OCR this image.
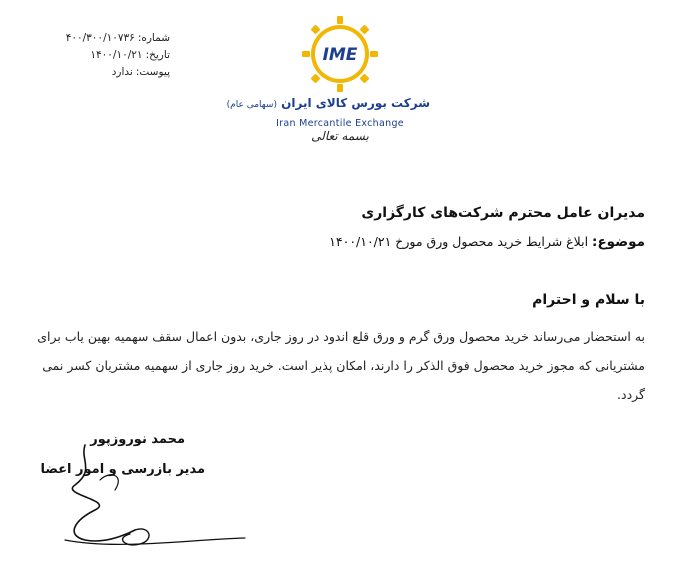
شماره:۴۰۰/۳۰۰/۱۰۷۳۶
تاریخ:۱۴۰۰/۱۰/۲۱
پیوست:ندارد
IME
شرکت بورس کالای ایران (سهامی عام)
Iran Mercantile Exchange
بسمه تعالی
مدیران عامل محترم شرکت‌های کارگزاری
موضوع: ابلاغ شرایط خرید محصول ورق مورخ ۱۴۰۰/۱۰/۲۱
با سلام و احترام
به استحضار می‌رساند خرید محصول ورق گرم و ورق قلع اندود در روز جاری، بدون اعمال سقف سهمیه بهین یاب برای مشتریانی که مجوز خرید محصول فوق الذکر را دارند، امکان پذیر است. خرید روز جاری از سهمیه مشتریان کسر نمی گردد.
محمد نوروزپور
مدیر بازرسی و امور اعضا
